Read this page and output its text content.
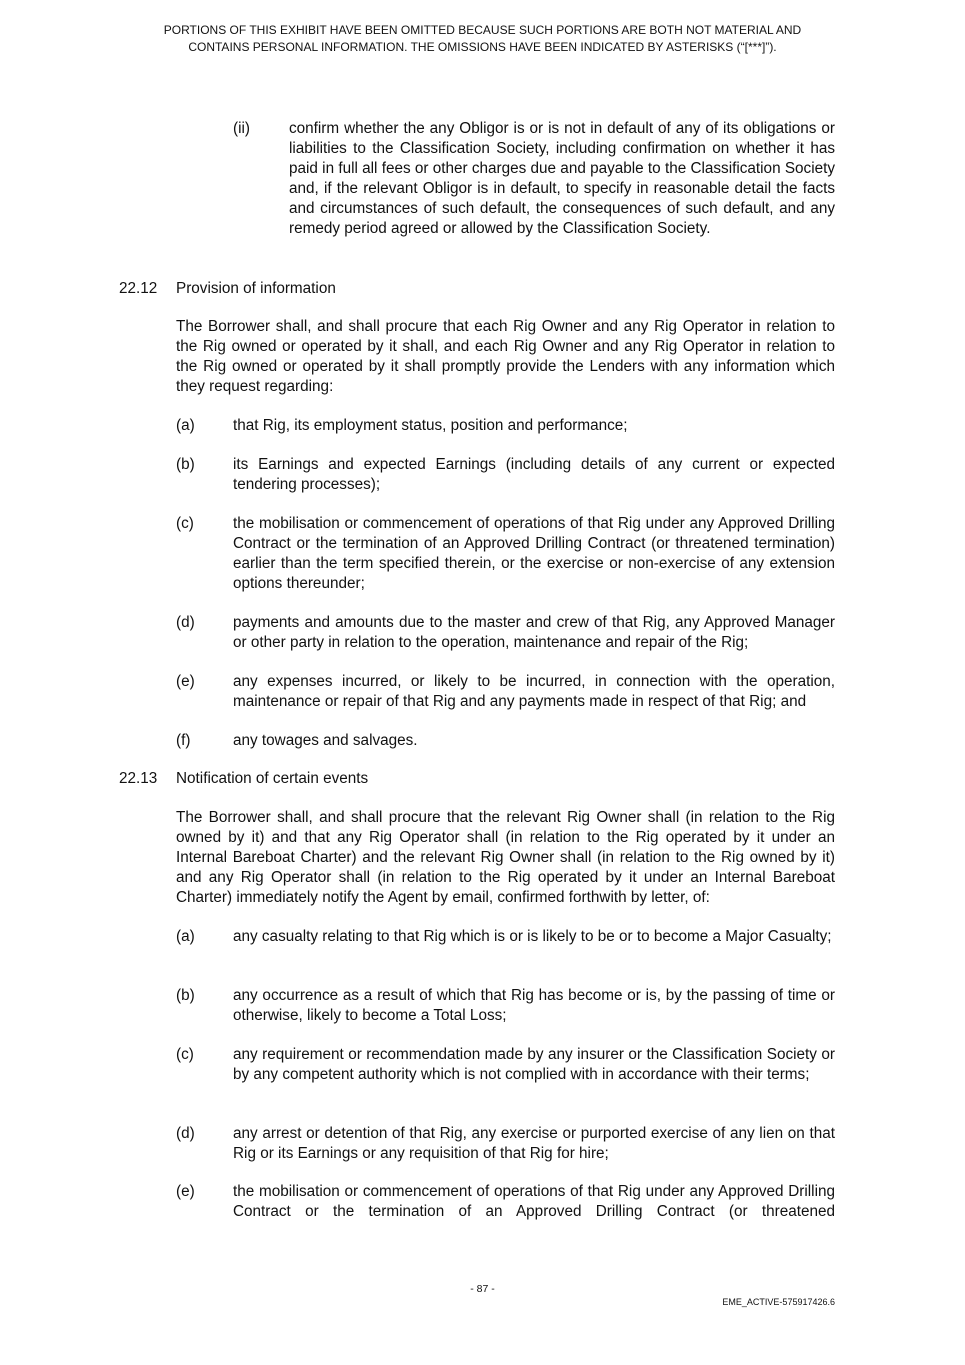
PORTIONS OF THIS EXHIBIT HAVE BEEN OMITTED BECAUSE SUCH PORTIONS ARE BOTH NOT MATERIAL AND
CONTAINS PERSONAL INFORMATION. THE OMISSIONS HAVE BEEN INDICATED BY ASTERISKS (“[***]”).
(ii)	confirm whether the any Obligor is or is not in default of any of its obligations or liabilities to the Classification Society, including confirmation on whether it has paid in full all fees or other charges due and payable to the Classification Society and, if the relevant Obligor is in default, to specify in reasonable detail the facts and circumstances of such default, the consequences of such default, and any remedy period agreed or allowed by the Classification Society.
22.12 Provision of information
The Borrower shall, and shall procure that each Rig Owner and any Rig Operator in relation to the Rig owned or operated by it shall, and each Rig Owner and any Rig Operator in relation to the Rig owned or operated by it shall promptly provide the Lenders with any information which they request regarding:
(a)	that Rig, its employment status, position and performance;
(b)	its Earnings and expected Earnings (including details of any current or expected tendering processes);
(c)	the mobilisation or commencement of operations of that Rig under any Approved Drilling Contract or the termination of an Approved Drilling Contract (or threatened termination) earlier than the term specified therein, or the exercise or non-exercise of any extension options thereunder;
(d)	payments and amounts due to the master and crew of that Rig, any Approved Manager or other party in relation to the operation, maintenance and repair of the Rig;
(e)	any expenses incurred, or likely to be incurred, in connection with the operation, maintenance or repair of that Rig and any payments made in respect of that Rig; and
(f)	any towages and salvages.
22.13 Notification of certain events
The Borrower shall, and shall procure that the relevant Rig Owner shall (in relation to the Rig owned by it) and that any Rig Operator shall (in relation to the Rig operated by it under an Internal Bareboat Charter) and the relevant Rig Owner shall (in relation to the Rig owned by it) and any Rig Operator shall (in relation to the Rig operated by it under an Internal Bareboat Charter) immediately notify the Agent by email, confirmed forthwith by letter, of:
(a)	any casualty relating to that Rig which is or is likely to be or to become a Major Casualty;
(b)	any occurrence as a result of which that Rig has become or is, by the passing of time or otherwise, likely to become a Total Loss;
(c)	any requirement or recommendation made by any insurer or the Classification Society or by any competent authority which is not complied with in accordance with their terms;
(d)	any arrest or detention of that Rig, any exercise or purported exercise of any lien on that Rig or its Earnings or any requisition of that Rig for hire;
(e)	the mobilisation or commencement of operations of that Rig under any Approved Drilling Contract or the termination of an Approved Drilling Contract (or threatened
- 87 -
EME_ACTIVE-575917426.6
